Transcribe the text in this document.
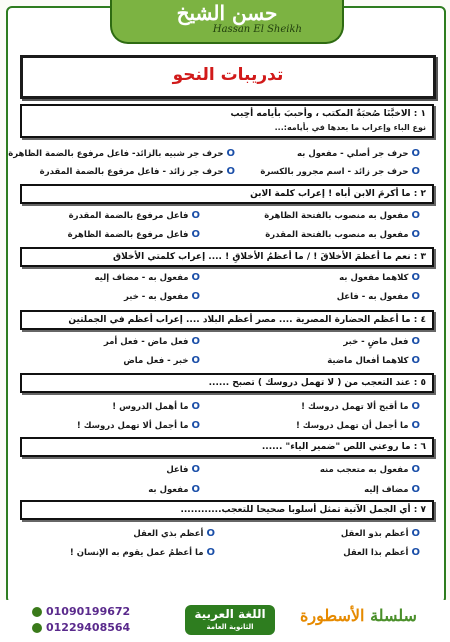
حسن الشيخ
Hassan El Sheikh
تدريبات النحو
١ : الاخبَّنَا صُحبَةُ المكتب ، وأحببَ بأيامه أحِبب
نوع الباء وإعراب ما بعدها في بأيامه:...
Oحرف جر أصلي - مفعول به
Oحرف جر شبيه بالزائد- فاعل مرفوع بالضمة الظاهرة
Oحرف جر زائد - اسم مجرور بالكسرة
Oحرف جر زائد - فاعل مرفوع بالضمة المقدرة
٢ : ما أكرمَ الابن أباه ! إعراب كلمة الابن
Oمفعول به منصوب بالفتحة الظاهرة
Oفاعل مرفوع بالضمة المقدرة
Oمفعول به منصوب بالفتحة المقدرة
Oفاعل مرفوع بالضمة الظاهرة
٣ : نعم ما أعظمَ الأخلاقَ ! / ما أعظمُ الأخلاقِ ! .... إعراب كلمتي الأخلاق
Oكلاهما مفعول به
Oمفعول به - مضاف إليه
Oمفعول به - فاعل
Oمفعول به - خبر
٤ : ما أعظم الحضارة المصرية .... مصر أعظم البلاد .... إعراب أعظم في الجملتين
Oفعل ماضٍ - خبر
Oفعل ماض - فعل أمر
Oكلاهما أفعال ماضية
Oخبر - فعل ماض
٥ : عند التعجب من ( لا تهمل دروسك ) تصبح ......
Oما أقبح ألا تهمل دروسك !
Oما أهمل الدروس !
Oما أجمل أن تهمل دروسك !
Oما أجمل ألا تهمل دروسك !
٦ : ما روعني اللص "ضمير الياء" ......
Oمفعول به متعجب منه
Oفاعل
Oمضاف إليه
Oمفعول به
٧ : أي الجمل الآتية تمثل أسلوبا صحيحا للتعجب............
Oأعظم بذو العقل
Oأعظم بذي العقل
Oأعظم بذا العقل
Oما أعظمُ عمل يقوم به الإنسان !
01090199672
01229408564
اللغة العربية
الثانوية العامة
سلسلة الأسطورة
